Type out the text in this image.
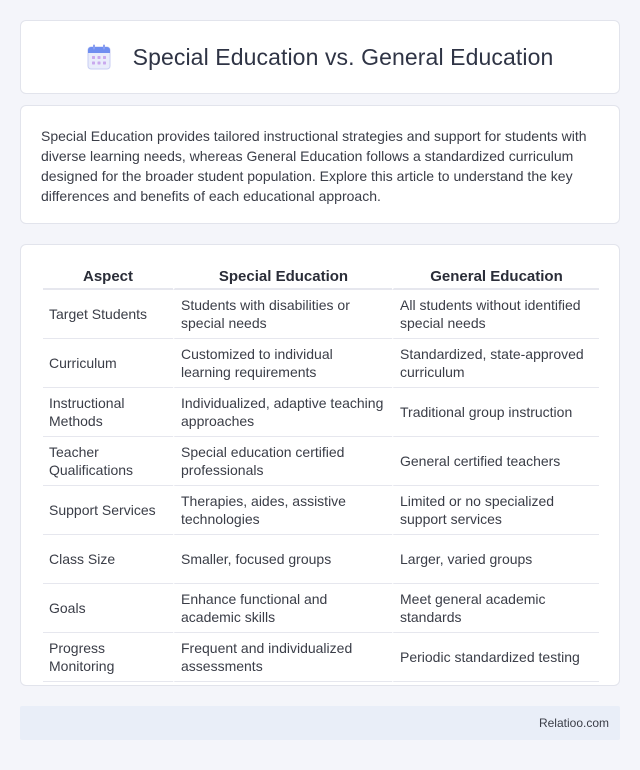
Special Education vs. General Education

Special Education provides tailored instructional strategies and support for students with diverse learning needs, whereas General Education follows a standardized curriculum designed for the broader student population. Explore this article to understand the key differences and benefits of each educational approach.

Aspect	Special Education	General Education
Target Students	Students with disabilities or special needs	All students without identified special needs
Curriculum	Customized to individual learning requirements	Standardized, state-approved curriculum
Instructional Methods	Individualized, adaptive teaching approaches	Traditional group instruction
Teacher Qualifications	Special education certified professionals	General certified teachers
Support Services	Therapies, aides, assistive technologies	Limited or no specialized support services
Class Size	Smaller, focused groups	Larger, varied groups
Goals	Enhance functional and academic skills	Meet general academic standards
Progress Monitoring	Frequent and individualized assessments	Periodic standardized testing
Relatioo.com
